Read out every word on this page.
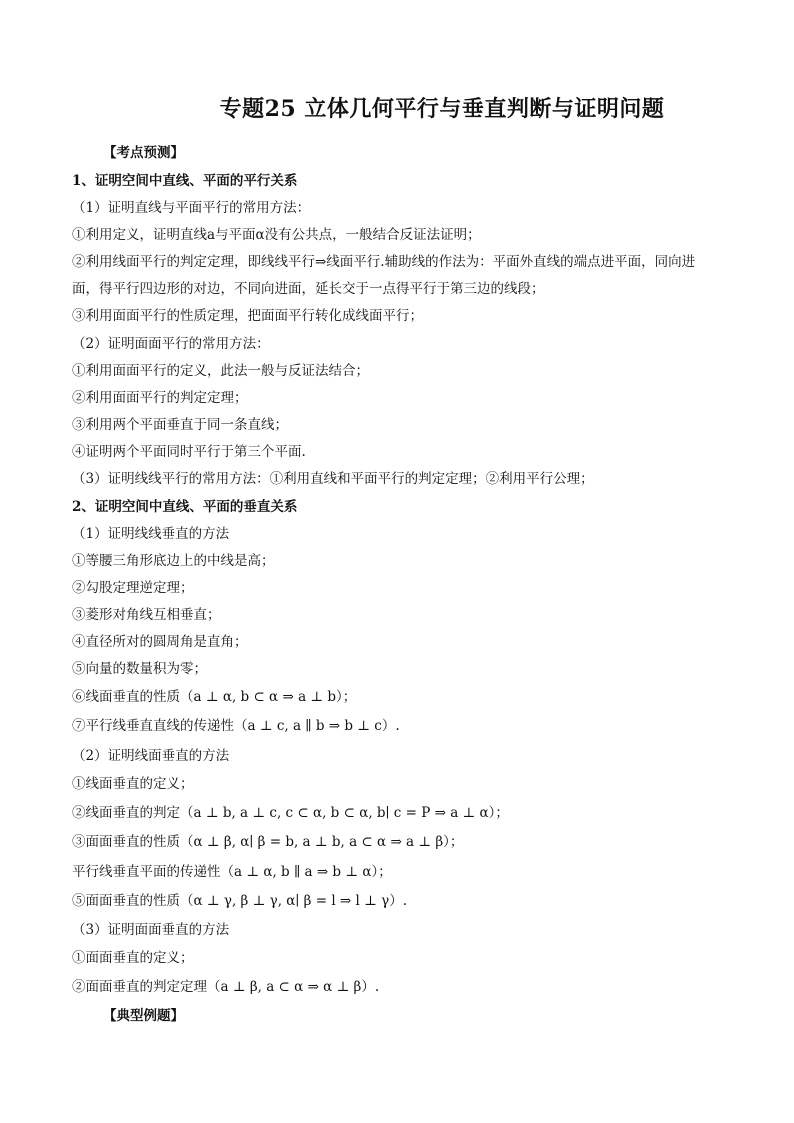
专题25 立体几何平行与垂直判断与证明问题
【考点预测】
1、证明空间中直线、平面的平行关系
（1）证明直线与平面平行的常用方法：
①利用定义，证明直线a与平面α没有公共点，一般结合反证法证明；
②利用线面平行的判定定理，即线线平行⇒线面平行.辅助线的作法为：平面外直线的端点进平面，同向进
面，得平行四边形的对边，不同向进面，延长交于一点得平行于第三边的线段；
③利用面面平行的性质定理，把面面平行转化成线面平行；
（2）证明面面平行的常用方法：
①利用面面平行的定义，此法一般与反证法结合；
②利用面面平行的判定定理；
③利用两个平面垂直于同一条直线；
④证明两个平面同时平行于第三个平面.
（3）证明线线平行的常用方法：①利用直线和平面平行的判定定理；②利用平行公理；
2、证明空间中直线、平面的垂直关系
（1）证明线线垂直的方法
①等腰三角形底边上的中线是高；
②勾股定理逆定理；
③菱形对角线互相垂直；
④直径所对的圆周角是直角；
⑤向量的数量积为零；
⑥线面垂直的性质（a ⊥ α, b ⊂ α ⇒ a ⊥ b）；
⑦平行线垂直直线的传递性（a ⊥ c, a ∥ b ⇒ b ⊥ c）.
（2）证明线面垂直的方法
①线面垂直的定义；
②线面垂直的判定（a ⊥ b, a ⊥ c, c ⊂ α, b ⊂ α, b∣ c = P ⇒ a ⊥ α）；
③面面垂直的性质（α ⊥ β, α∣ β = b, a ⊥ b, a ⊂ α ⇒ a ⊥ β）；
平行线垂直平面的传递性（a ⊥ α, b ∥ a ⇒ b ⊥ α）；
⑤面面垂直的性质（α ⊥ γ, β ⊥ γ, α∣ β = l ⇒ l ⊥ γ）.
（3）证明面面垂直的方法
①面面垂直的定义；
②面面垂直的判定定理（a ⊥ β, a ⊂ α ⇒ α ⊥ β）.
【典型例题】
